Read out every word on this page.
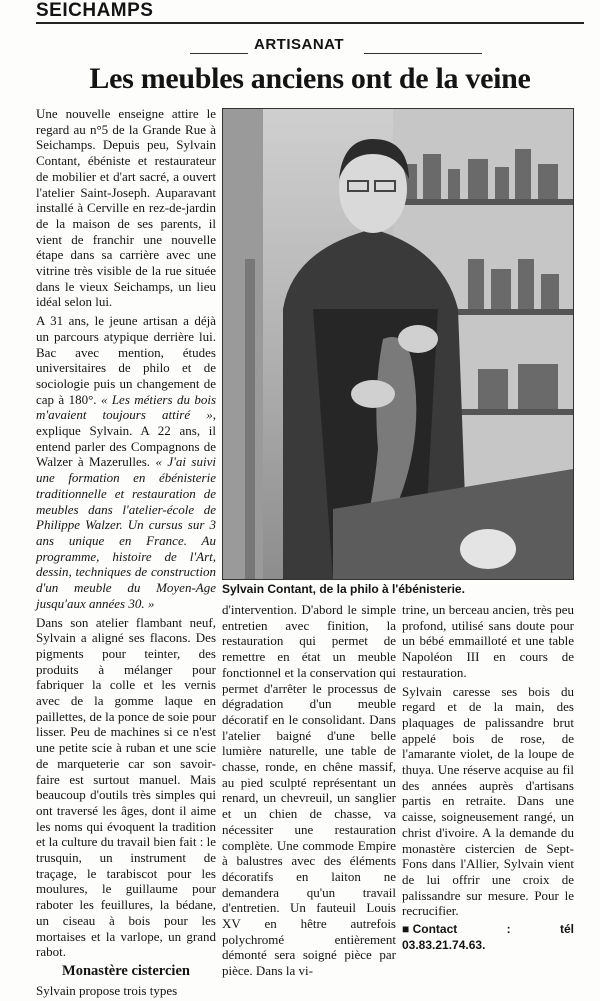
SEICHAMPS
ARTISANAT
Les meubles anciens ont de la veine

Une nouvelle enseigne attire le regard au n°5 de la Grande Rue à Seichamps. Depuis peu, Sylvain Contant, ébéniste et restaurateur de mobilier et d'art sacré, a ouvert l'atelier Saint-Joseph. Auparavant installé à Cerville en rez-de-jardin de la maison de ses parents, il vient de franchir une nouvelle étape dans sa carrière avec une vitrine très visible de la rue située dans le vieux Seichamps, un lieu idéal selon lui.

A 31 ans, le jeune artisan a déjà un parcours atypique derrière lui. Bac avec mention, études universitaires de philo et de sociologie puis un changement de cap à 180°. « Les métiers du bois m'avaient toujours attiré », explique Sylvain. A 22 ans, il entend parler des Compagnons de Walzer à Mazerulles. « J'ai suivi une formation en ébénisterie traditionnelle et restauration de meubles dans l'atelier-école de Philippe Walzer. Un cursus sur 3 ans unique en France. Au programme, histoire de l'Art, dessin, techniques de construction d'un meuble du Moyen-Age jusqu'aux années 30. »

Dans son atelier flambant neuf, Sylvain a aligné ses flacons. Des pigments pour teinter, des produits à mélanger pour fabriquer la colle et les vernis avec de la gomme laque en paillettes, de la ponce de soie pour lisser. Peu de machines si ce n'est une petite scie à ruban et une scie de marqueterie car son savoir-faire est surtout manuel. Mais beaucoup d'outils très simples qui ont traversé les âges, dont il aime les noms qui évoquent la tradition et la culture du travail bien fait : le trusquin, un instrument de traçage, le tarabiscot pour les moulures, le guillaume pour raboter les feuillures, la bédane, un ciseau à bois pour les mortaises et la varlope, un grand rabot.

Monastère cistercien

Sylvain propose trois types

Sylvain Contant, de la philo à l'ébénisterie.

d'intervention. D'abord le simple entretien avec finition, la restauration qui permet de remettre en état un meuble fonctionnel et la conservation qui permet d'arrêter le processus de dégradation d'un meuble décoratif en le consolidant. Dans l'atelier baigné d'une belle lumière naturelle, une table de chasse, ronde, en chêne massif, au pied sculpté représentant un renard, un chevreuil, un sanglier et un chien de chasse, va nécessiter une restauration complète. Une commode Empire à balustres avec des éléments décoratifs en laiton ne demandera qu'un travail d'entretien. Un fauteuil Louis XV en hêtre autrefois polychromé entièrement démonté sera soigné pièce par pièce. Dans la vi-

trine, un berceau ancien, très peu profond, utilisé sans doute pour un bébé emmailloté et une table Napoléon III en cours de restauration.

Sylvain caresse ses bois du regard et de la main, des plaquages de palissandre brut appelé bois de rose, de l'amarante violet, de la loupe de thuya. Une réserve acquise au fil des années auprès d'artisans partis en retraite. Dans une caisse, soigneusement rangé, un christ d'ivoire. A la demande du monastère cistercien de Sept-Fons dans l'Allier, Sylvain vient de lui offrir une croix de palissandre sur mesure. Pour le recrucifier.

■ Contact	:	tél
03.83.21.74.63.
